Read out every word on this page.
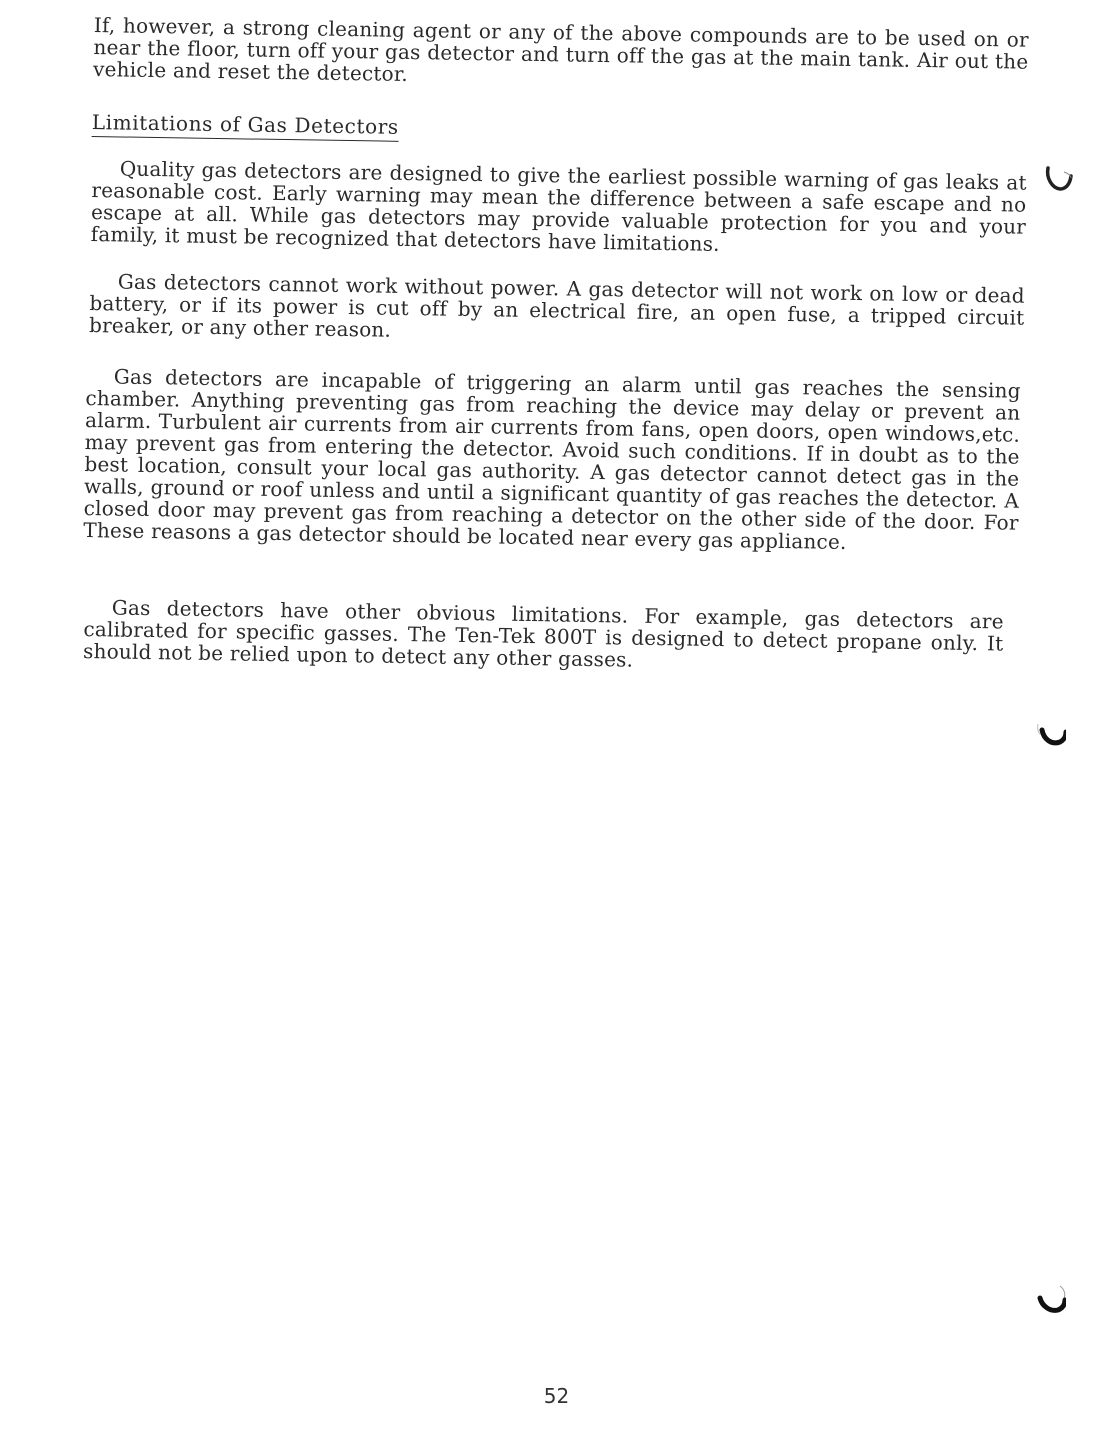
If, however, a strong cleaning agent or any of the above compounds are to be used on or near the floor, turn off your gas detector and turn off the gas at the main tank. Air out the vehicle and reset the detector.
Limitations of Gas Detectors
Quality gas detectors are designed to give the earliest possible warning of gas leaks at reasonable cost. Early warning may mean the difference between a safe escape and no escape at all. While gas detectors may provide valuable protection for you and your family, it must be recognized that detectors have limitations.
Gas detectors cannot work without power. A gas detector will not work on low or dead battery, or if its power is cut off by an electrical fire, an open fuse, a tripped circuit breaker, or any other reason.
Gas detectors are incapable of triggering an alarm until gas reaches the sensing chamber. Anything preventing gas from reaching the device may delay or prevent an alarm. Turbulent air currents from air currents from fans, open doors, open windows,etc. may prevent gas from entering the detector. Avoid such conditions. If in doubt as to the best location, consult your local gas authority. A gas detector cannot detect gas in the walls, ground or roof unless and until a significant quantity of gas reaches the detector. A closed door may prevent gas from reaching a detector on the other side of the door. For These reasons a gas detector should be located near every gas appliance.
Gas detectors have other obvious limitations. For example, gas detectors are calibrated for specific gasses. The Ten-Tek 800T is designed to detect propane only. It should not be relied upon to detect any other gasses.
52
